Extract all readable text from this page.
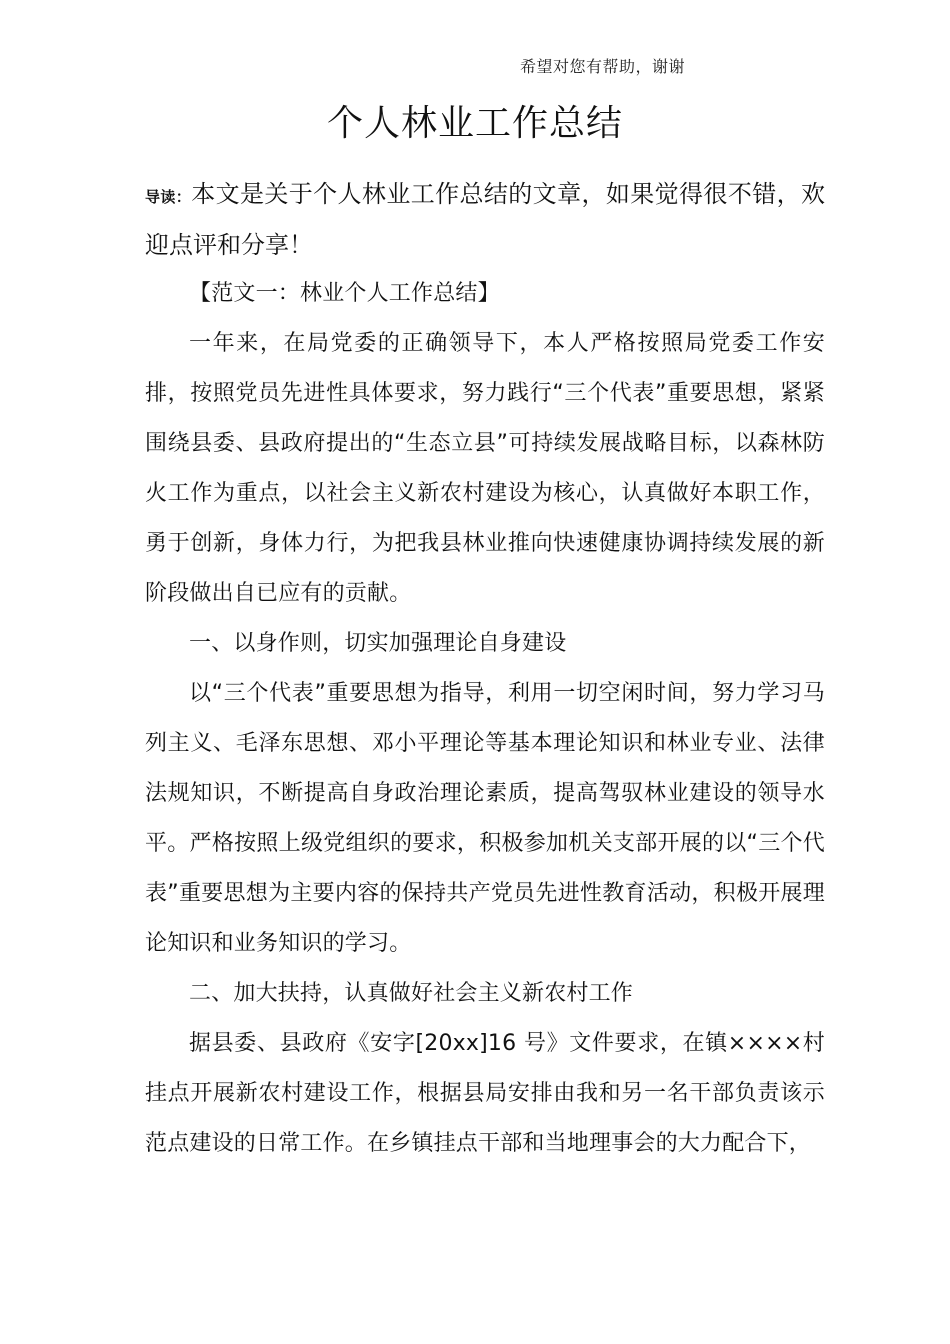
希望对您有帮助，谢谢
个人林业工作总结

导读：本文是关于个人林业工作总结的文章，如果觉得很不错，欢迎点评和分享！

【范文一：林业个人工作总结】

一年来，在局党委的正确领导下，本人严格按照局党委工作安排，按照党员先进性具体要求，努力践行“三个代表”重要思想，紧紧围绕县委、县政府提出的“生态立县”可持续发展战略目标，以森林防火工作为重点，以社会主义新农村建设为核心，认真做好本职工作，勇于创新，身体力行，为把我县林业推向快速健康协调持续发展的新阶段做出自已应有的贡献。

一、以身作则，切实加强理论自身建设

以“三个代表”重要思想为指导，利用一切空闲时间，努力学习马列主义、毛泽东思想、邓小平理论等基本理论知识和林业专业、法律法规知识，不断提高自身政治理论素质，提高驾驭林业建设的领导水平。严格按照上级党组织的要求，积极参加机关支部开展的以“三个代表”重要思想为主要内容的保持共产党员先进性教育活动，积极开展理论知识和业务知识的学习。

二、加大扶持，认真做好社会主义新农村工作

据县委、县政府《安字[20xx]16 号》文件要求，在镇××××村挂点开展新农村建设工作，根据县局安排由我和另一名干部负责该示范点建设的日常工作。在乡镇挂点干部和当地理事会的大力配合下，
